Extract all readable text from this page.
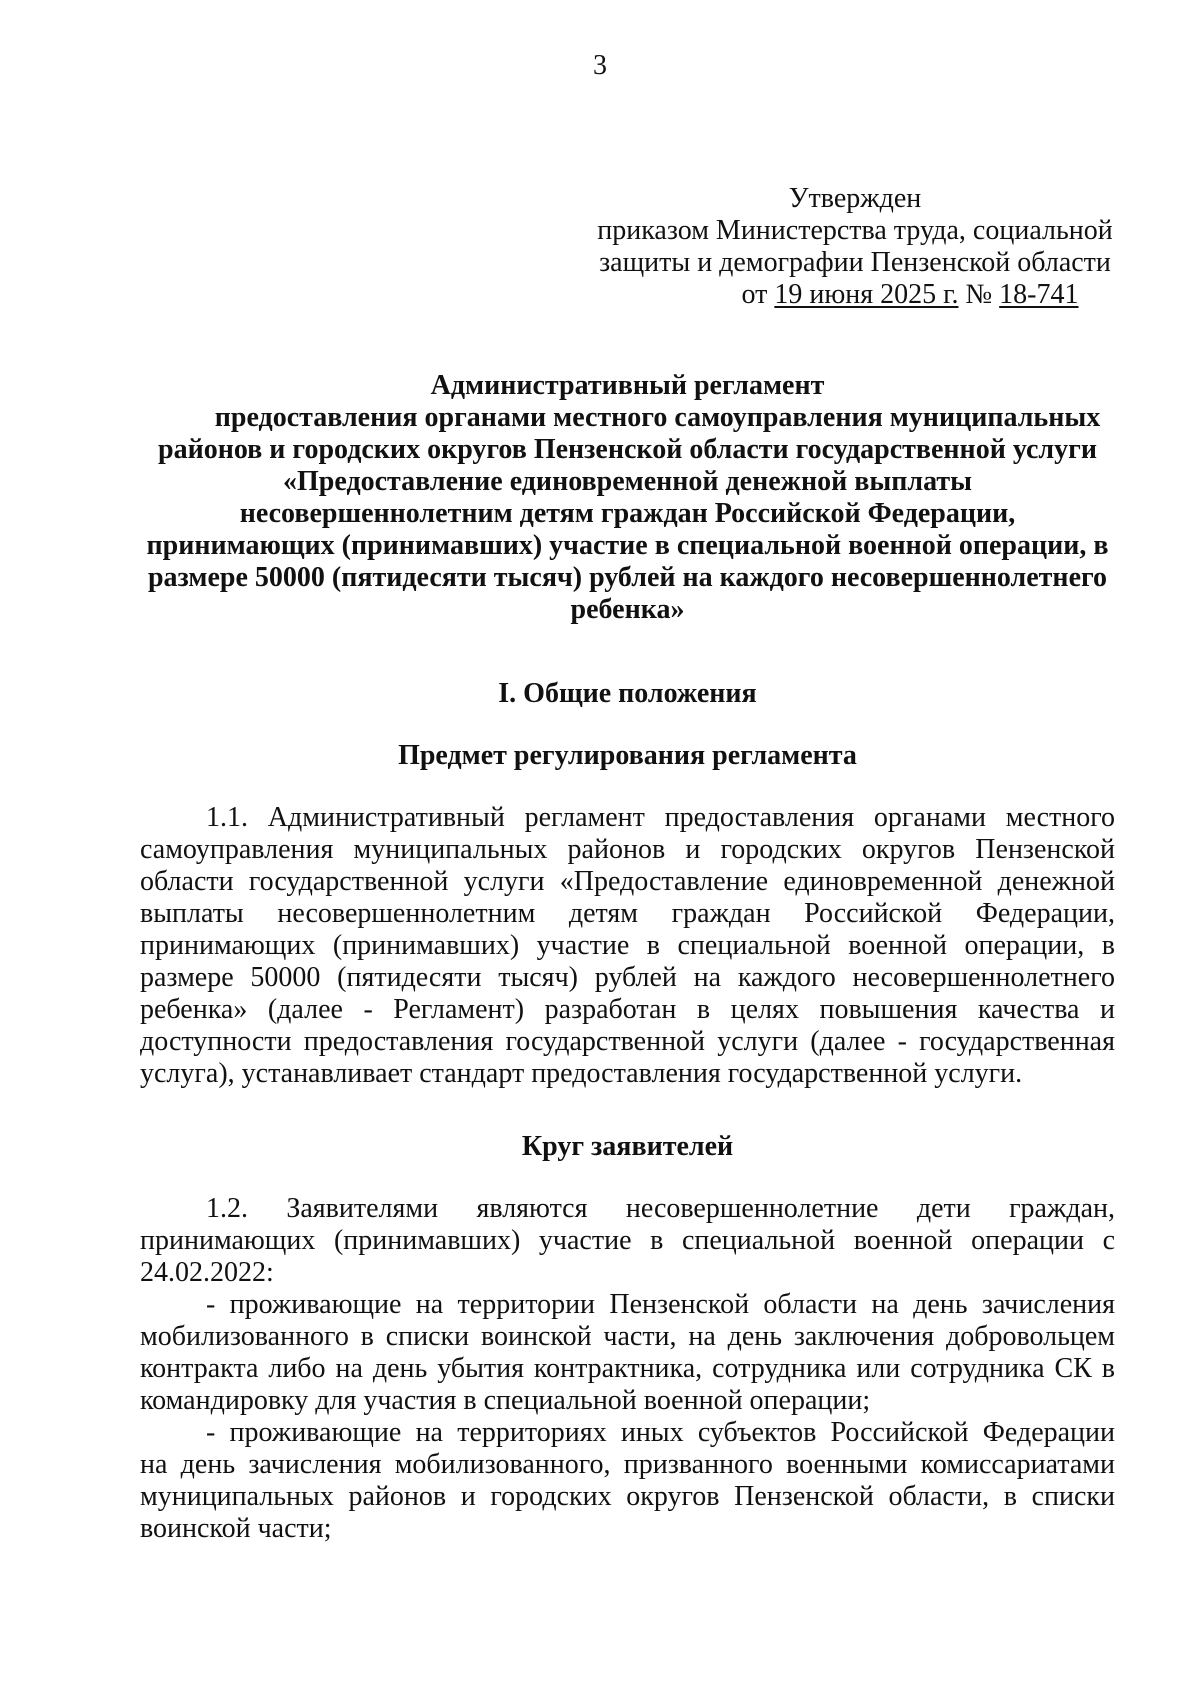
3
Утвержден
приказом Министерства труда, социальной
защиты и демографии Пензенской области
от 19 июня 2025 г. № 18-741
Административный регламент
предоставления органами местного самоуправления муниципальных
районов и городских округов Пензенской области государственной услуги
«Предоставление единовременной денежной выплаты
несовершеннолетним детям граждан Российской Федерации,
принимающих (принимавших) участие в специальной военной операции, в
размере 50000 (пятидесяти тысяч) рублей на каждого несовершеннолетнего
ребенка»
I. Общие положения
Предмет регулирования регламента
1.1. Административный регламент предоставления органами местного
самоуправления муниципальных районов и городских округов Пензенской
области государственной услуги «Предоставление единовременной денежной
выплаты несовершеннолетним детям граждан Российской Федерации,
принимающих (принимавших) участие в специальной военной операции, в
размере 50000 (пятидесяти тысяч) рублей на каждого несовершеннолетнего
ребенка» (далее - Регламент) разработан в целях повышения качества и
доступности предоставления государственной услуги (далее - государственная
услуга), устанавливает стандарт предоставления государственной услуги.
Круг заявителей
1.2. Заявителями являются несовершеннолетние дети граждан,
принимающих (принимавших) участие в специальной военной операции с
24.02.2022:
- проживающие на территории Пензенской области на день зачисления
мобилизованного в списки воинской части, на день заключения добровольцем
контракта либо на день убытия контрактника, сотрудника или сотрудника СК в
командировку для участия в специальной военной операции;
- проживающие на территориях иных субъектов Российской Федерации
на день зачисления мобилизованного, призванного военными комиссариатами
муниципальных районов и городских округов Пензенской области, в списки
воинской части;
